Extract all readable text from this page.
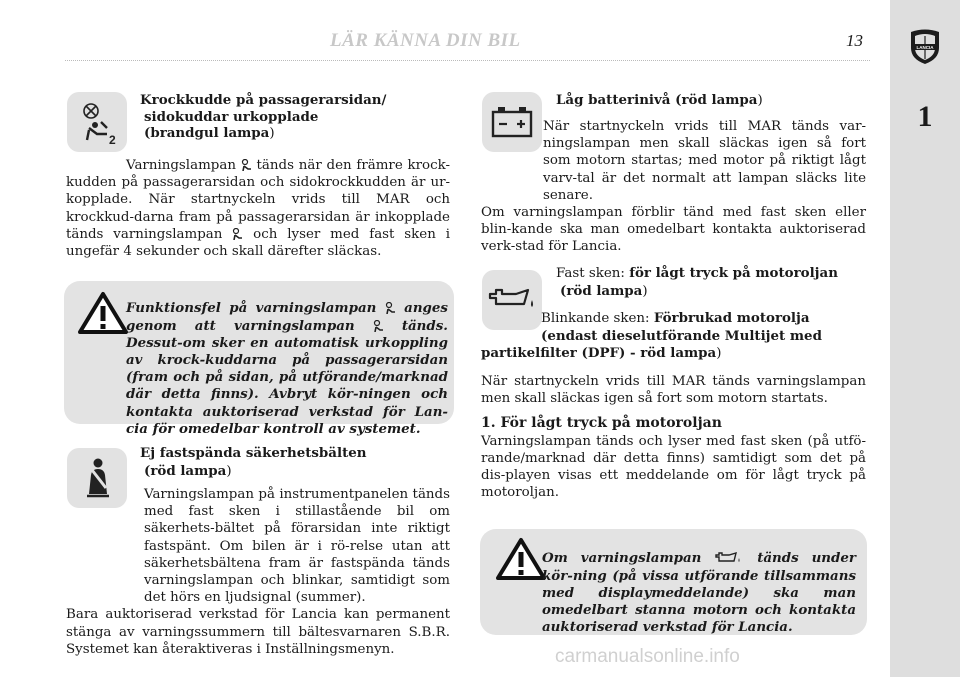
LANCIA
1
LÄR KÄNNA DIN BIL	13
2

Krockkudde på passagerarsidan/

sidokuddar urkopplade

(brandgul lampa)

Varningslampan tänds när den främre krock- kudden på passagerarsidan och sidokrockkudden är ur-kopplade. När startnyckeln vrids till MAR och krockkud-darna fram på passagerarsidan är inkopplade tänds varningslampan och lyser med fast sken i ungefär 4 sekunder och skall därefter släckas.

Funktionsfel på varningslampan anges genom att varningslampan	tänds. Dessut-om sker en automatisk urkoppling av krock-kuddarna på passagerarsidan (fram och på sidan, på utförande/marknad där detta finns). Avbryt kör-ningen och kontakta auktoriserad verkstad för Lan-cia för omedelbar kontroll av systemet.

Ej fastspända säkerhetsbälten

(röd lampa)

Varningslampan på instrumentpanelen tänds med fast sken i stillastående bil om säkerhets-bältet på förarsidan inte riktigt fastspänt. Om bilen är i rö-relse utan att säkerhetsbältena fram är fastspända tänds varningslampan och blinkar, samtidigt som det hörs en ljudsignal (summer).

Bara auktoriserad verkstad för Lancia kan permanent stänga av varningssummern till bältesvarnaren S.B.R. Systemet kan återaktiveras i Inställningsmenyn.

Låg batterinivå (röd lampa)

När startnyckeln vrids till MAR tänds var-ningslampan men skall släckas igen så fort som motorn startas; med motor på riktigt lågt varv-tal är det normalt att lampan släcks lite senare.

Om varningslampan förblir tänd med fast sken eller blin-kande ska man omedelbart kontakta auktoriserad verk-stad för Lancia.

Fast sken: för lågt tryck på motoroljan

(röd lampa)

Blinkande sken: Förbrukad motorolja

(endast dieselutförande Multijet med

partikelfilter (DPF) - röd lampa)

När startnyckeln vrids till MAR tänds varningslampan men skall släckas igen så fort som motorn startats.

1. För lågt tryck på motoroljan

Varningslampan tänds och lyser med fast sken (på utfö-rande/marknad där detta finns) samtidigt som det på dis-playen visas ett meddelande om för lågt tryck på motoroljan.

Om varningslampan	tänds under kör-ning (på vissa utförande tillsammans med displaymeddelande) ska man omedelbart stanna motorn och kontakta auktoriserad verkstad för Lancia.

carmanualsonline.info
